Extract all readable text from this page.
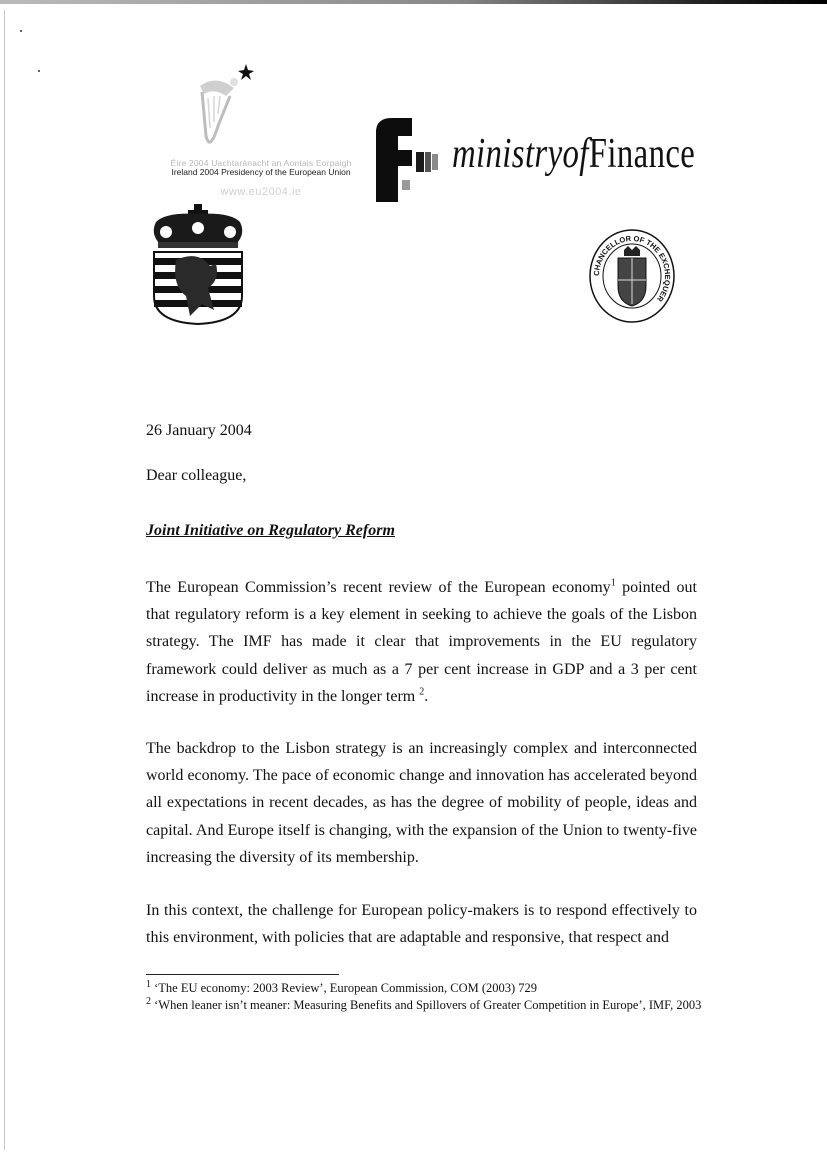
Éire 2004 Uachtaránacht an Aontais Eorpaigh
Ireland 2004 Presidency of the European Union
www.eu2004.ie
ministryofFinance
CHANCELLOR OF THE EXCHEQUER
26 January 2004
Dear colleague,
Joint Initiative on Regulatory Reform

The European Commission’s recent review of the European economy$^1$ pointed out that regulatory reform is a key element in seeking to achieve the goals of the Lisbon strategy. The IMF has made it clear that improvements in the EU regulatory framework could deliver as much as a 7 per cent increase in GDP and a 3 per cent increase in productivity in the longer term $^2$.

The backdrop to the Lisbon strategy is an increasingly complex and interconnected world economy. The pace of economic change and innovation has accelerated beyond all expectations in recent decades, as has the degree of mobility of people, ideas and capital. And Europe itself is changing, with the expansion of the Union to twenty-five increasing the diversity of its membership.

In this context, the challenge for European policy-makers is to respond effectively to this environment, with policies that are adaptable and responsive, that respect and

$^1$ ‘The EU economy: 2003 Review’, European Commission, COM (2003) 729

$^2$ ‘When leaner isn’t meaner: Measuring Benefits and Spillovers of Greater Competition in Europe’, IMF, 2003
